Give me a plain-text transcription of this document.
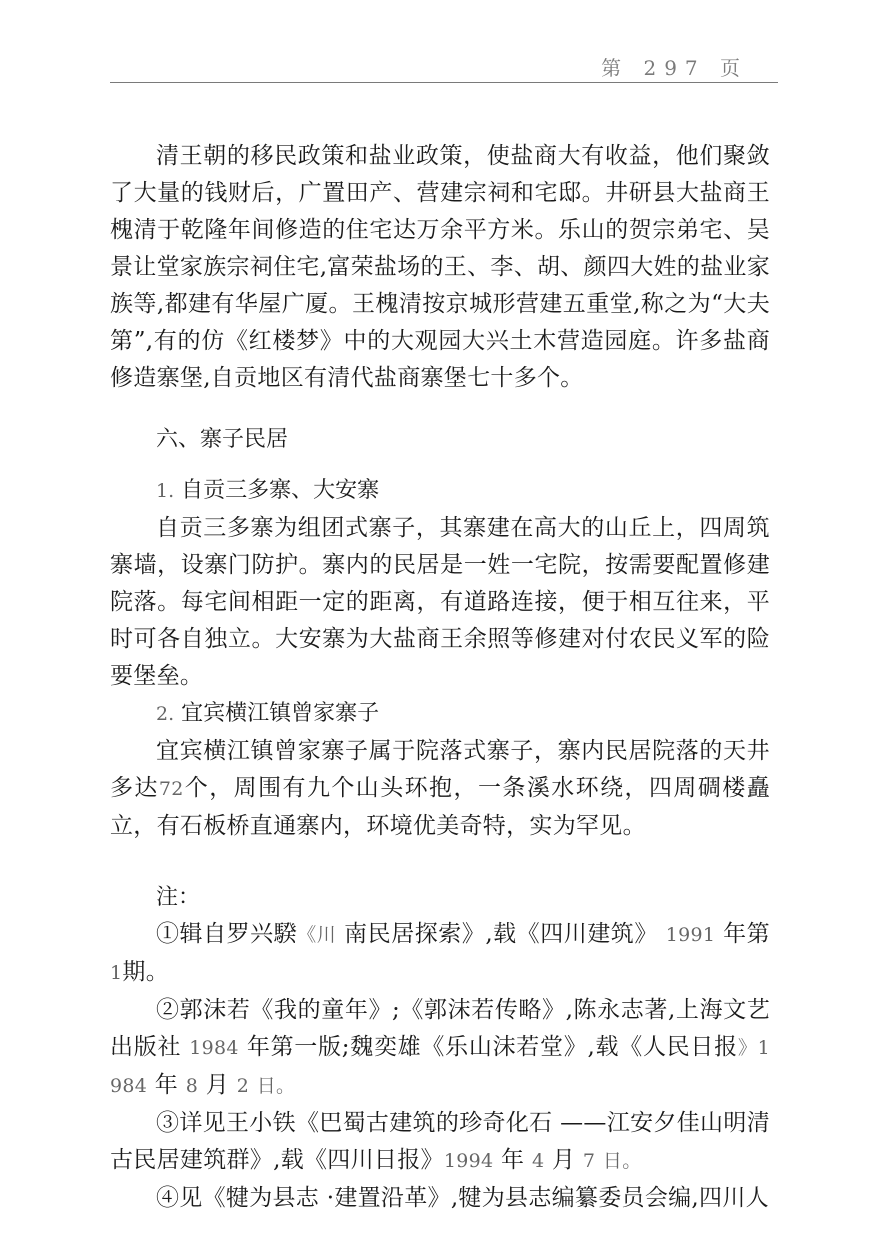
第 297 页

清王朝的移民政策和盐业政策，使盐商大有收益，他们聚敛了大量的钱财后，广置田产、营建宗祠和宅邸。井研县大盐商王槐清于乾隆年间修造的住宅达万余平方米。乐山的贺宗弟宅、吴景让堂家族宗祠住宅,富荣盐场的王、李、胡、颜四大姓的盐业家族等,都建有华屋广厦。王槐清按京城形营建五重堂,称之为“大夫第”,有的仿《红楼梦》中的大观园大兴土木营造园庭。许多盐商修造寨堡,自贡地区有清代盐商寨堡七十多个。

六、寨子民居

1. 自贡三多寨、大安寨

自贡三多寨为组团式寨子，其寨建在高大的山丘上，四周筑寨墙，设寨门防护。寨内的民居是一姓一宅院，按需要配置修建院落。每宅间相距一定的距离，有道路连接，便于相互往来，平时可各自独立。大安寨为大盐商王余照等修建对付农民义军的险要堡垒。

2. 宜宾横江镇曾家寨子

宜宾横江镇曾家寨子属于院落式寨子，寨内民居院落的天井多达72个，周围有九个山头环抱，一条溪水环绕，四周碉楼矗立，有石板桥直通寨内，环境优美奇特，实为罕见。

注：

①辑自罗兴騤《川 南民居探索》,载《四川建筑》 1991 年第 1期。

②郭沫若《我的童年》;《郭沫若传略》,陈永志著,上海文艺出版社 1984 年第一版;魏奕雄《乐山沫若堂》,载《人民日报》1984 年 8 月 2 日。

③详见王小铁《巴蜀古建筑的珍奇化石 ——江安夕佳山明清古民居建筑群》,载《四川日报》1994 年 4 月 7 日。

④见《犍为县志 ·建置沿革》,犍为县志编纂委员会编,四川人
